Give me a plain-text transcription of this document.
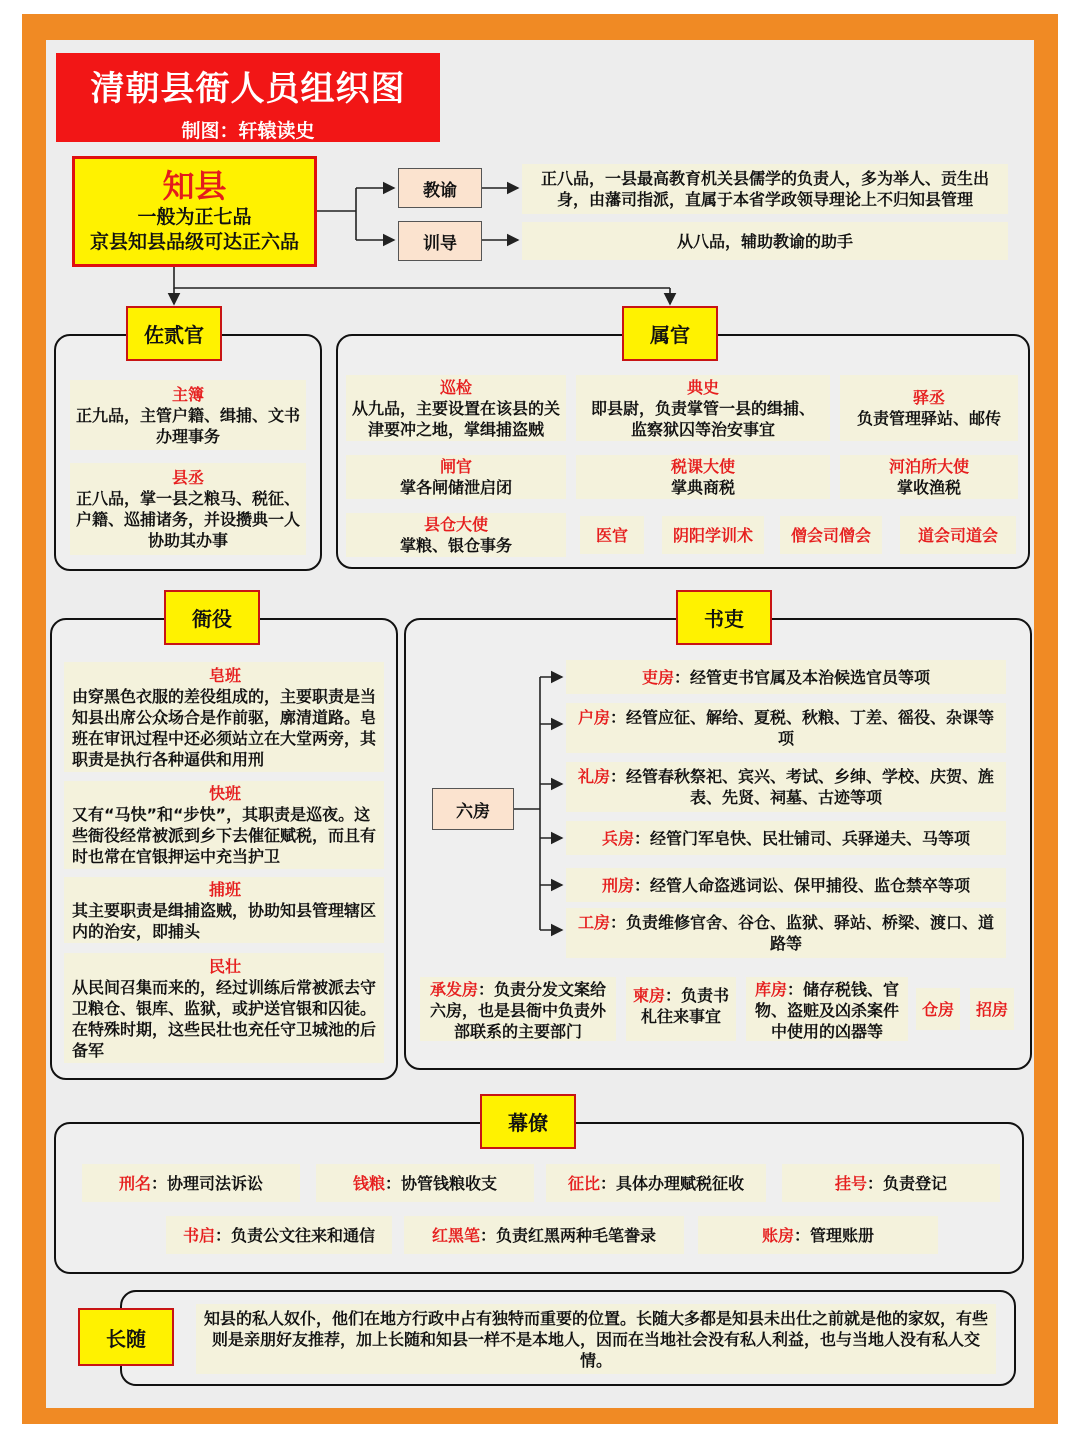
清朝县衙人员组织图
制图：轩辕读史
知县
一般为正七品
京县知县品级可达正六品
教谕
训导
正八品，一县最高教育机关县儒学的负责人，多为举人、贡生出身，由藩司指派，直属于本省学政领导理论上不归知县管理
从八品，辅助教谕的助手
佐贰官
主簿
正九品，主管户籍、缉捕、文书办理事务
县丞
正八品，掌一县之粮马、税征、户籍、巡捕诸务，并设攒典一人协助其办事
属官
巡检
从九品，主要设置在该县的关津要冲之地，掌缉捕盗贼
典史
即县尉，负责掌管一县的缉捕、监察狱囚等治安事宜
驿丞
负责管理驿站、邮传
闸官
掌各闸储泄启闭
税课大使
掌典商税
河泊所大使
掌收渔税
县仓大使
掌粮、银仓事务
医官	阴阳学训术	僧会司僧会	道会司道会
衙役
皂班
由穿黑色衣服的差役组成的，主要职责是当知县出席公众场合是作前驱，廓清道路。皂班在审讯过程中还必须站立在大堂两旁，其职责是执行各种逼供和用刑
快班
又有“马快”和“步快”，其职责是巡夜。这些衙役经常被派到乡下去催征赋税，而且有时也常在官银押运中充当护卫
捕班
其主要职责是缉捕盗贼，协助知县管理辖区内的治安，即捕头
民壮
从民间召集而来的，经过训练后常被派去守卫粮仓、银库、监狱，或护送官银和囚徒。在特殊时期，这些民壮也充任守卫城池的后备军
书吏
六房
吏房 ：经管吏书官属及本治候选官员等项
户房：经管应征、解给、夏税、秋粮、丁差、徭役、杂课等项
礼房：经管春秋祭祀、宾兴、考试、乡绅、学校、庆贺、旌表、先贤、祠墓、古迹等项
兵房 ：经管门军皂快、民壮铺司、兵驿递夫、马等项
刑房 ：经管人命盗逃词讼、保甲捕役、监仓禁卒等项
工房：负责维修官舍、谷仓、监狱、驿站、桥梁、渡口、道路等
承发房：负责分发文案给六房，也是县衙中负责外部联系的主要部门
柬房：负责书札往来事宜
库房：储存税钱、官物、盗赃及凶杀案件中使用的凶器等
仓房	招房
幕僚
刑名 ：协理司法诉讼	钱粮 ：协管钱粮收支	征比 ：具体办理赋税征收	挂号 ：负责登记
书启 ：负责公文往来和通信	红黑笔 ：负责红黑两种毛笔誊录	账房 ：管理账册
长随
知县的私人奴仆，他们在地方行政中占有独特而重要的位置。长随大多都是知县未出仕之前就是他的家奴，有些则是亲朋好友推荐，加上长随和知县一样不是本地人，因而在当地社会没有私人利益，也与当地人没有私人交情。
